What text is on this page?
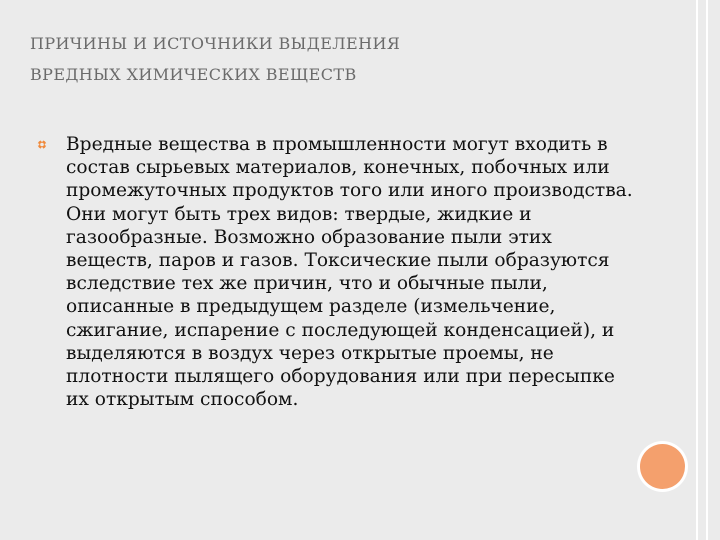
ПРИЧИНЫ И ИСТОЧНИКИ ВЫДЕЛЕНИЯ
ВРЕДНЫХ ХИМИЧЕСКИХ ВЕЩЕСТВ

Вредные вещества в промышленности могут входить в состав сырьевых материалов, конечных, побочных или промежуточных продуктов того или иного производства. Они могут быть трех видов: твердые, жидкие и газообразные. Возможно образование пыли этих веществ, паров и газов. Токсические пыли образуются вследствие тех же причин, что и обычные пыли, описанные в предыдущем разделе (измельчение, сжигание, испарение с последующей конденсацией), и выделяются в воздух через открытые проемы, не плотности пылящего оборудования или при пересыпке их открытым способом.
